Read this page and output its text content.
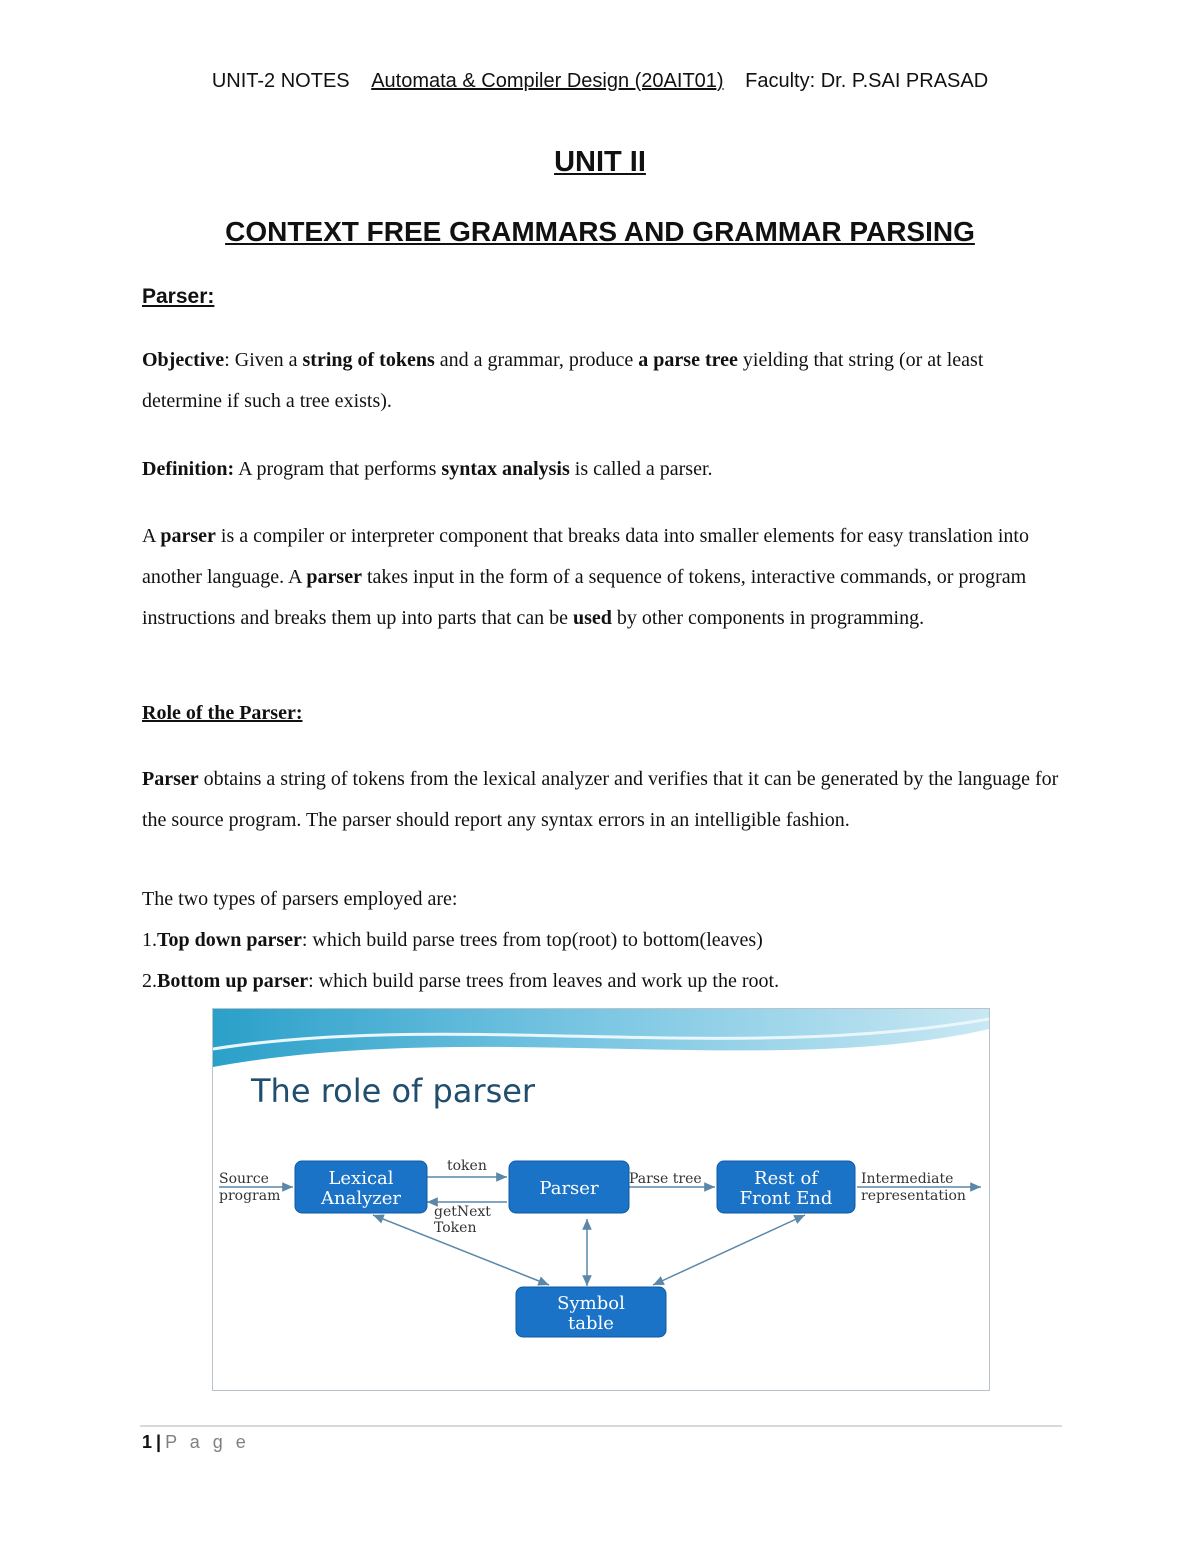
UNIT-2 NOTES Automata & Compiler Design (20AIT01) Faculty: Dr. P.SAI PRASAD
UNIT II
CONTEXT FREE GRAMMARS AND GRAMMAR PARSING
Parser:
Objective: Given a string of tokens and a grammar, produce a parse tree yielding that string (or at least determine if such a tree exists).
Definition: A program that performs syntax analysis is called a parser.
A parser is a compiler or interpreter component that breaks data into smaller elements for easy translation into another language. A parser takes input in the form of a sequence of tokens, interactive commands, or program instructions and breaks them up into parts that can be used by other components in programming.
Role of the Parser:
Parser obtains a string of tokens from the lexical analyzer and verifies that it can be generated by the language for the source program. The parser should report any syntax errors in an intelligible fashion.
The two types of parsers employed are:
1.Top down parser: which build parse trees from top(root) to bottom(leaves)
2.Bottom up parser: which build parse trees from leaves and work up the root.
The role of parser
Lexical
Analyzer	Parser	Rest of
Front End
Symbol
table
Source
program
token
getNext
Token
Parse tree	Intermediate
representation
1 | P a g e
